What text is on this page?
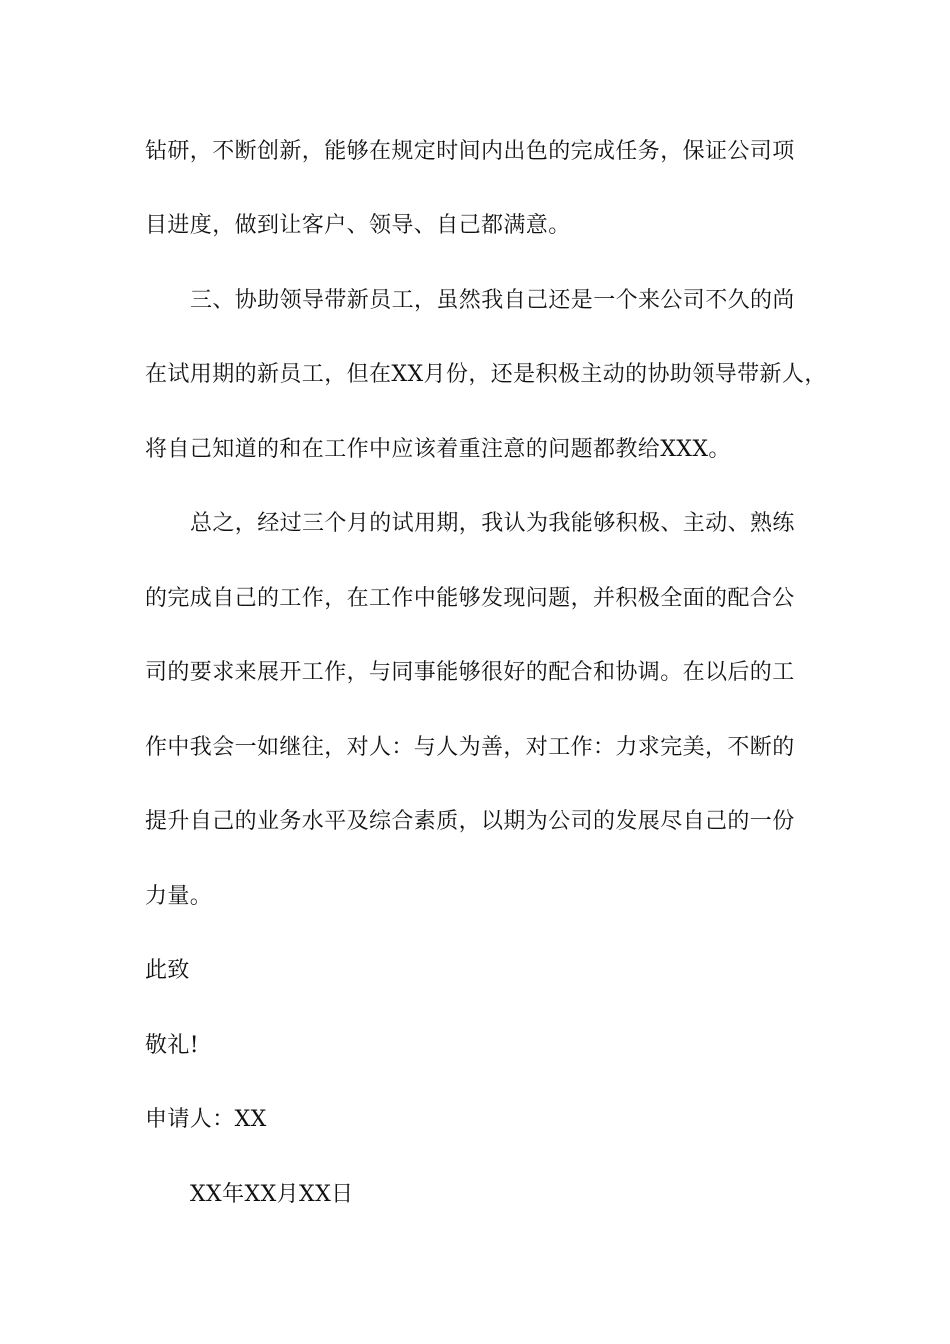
钻研，不断创新，能够在规定时间内出色的完成任务，保证公司项
目进度，做到让客户、领导、自己都满意。
三、协助领导带新员工，虽然我自己还是一个来公司不久的尚
在试用期的新员工，但在XX月份，还是积极主动的协助领导带新人，
将自己知道的和在工作中应该着重注意的问题都教给XXX。
总之，经过三个月的试用期，我认为我能够积极、主动、熟练
的完成自己的工作，在工作中能够发现问题，并积极全面的配合公
司的要求来展开工作，与同事能够很好的配合和协调。在以后的工
作中我会一如继往，对人：与人为善，对工作：力求完美，不断的
提升自己的业务水平及综合素质，以期为公司的发展尽自己的一份
力量。
此致
敬礼!
申请人：XX
XX年XX月XX日
